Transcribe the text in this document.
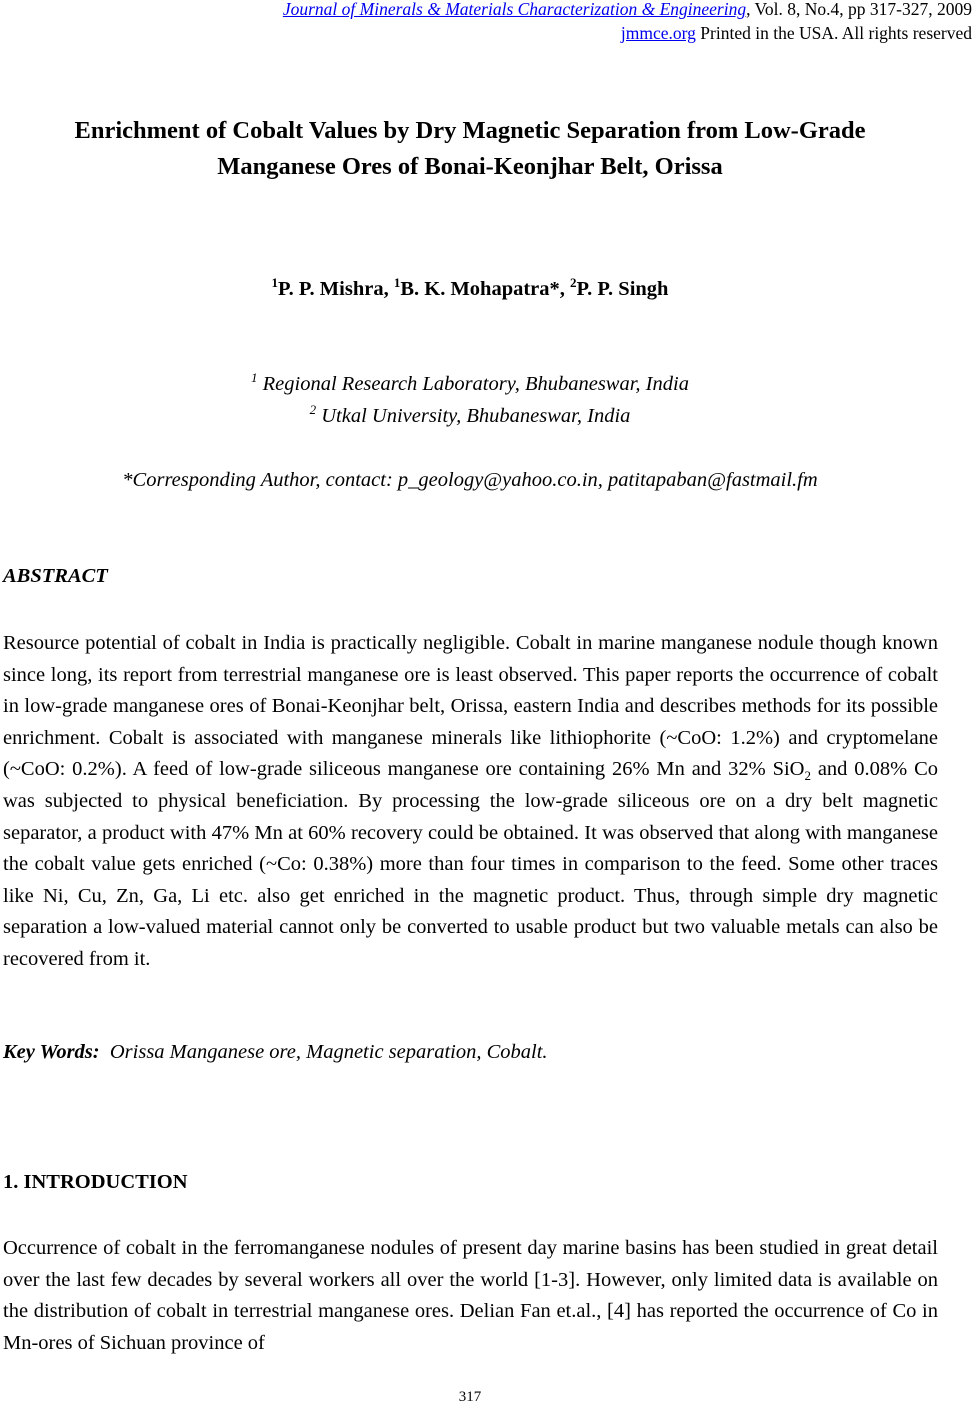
Journal of Minerals & Materials Characterization & Engineering, Vol. 8, No.4, pp 317-327, 2009
jmmce.org Printed in the USA. All rights reserved
Enrichment of Cobalt Values by Dry Magnetic Separation from Low-Grade
Manganese Ores of Bonai-Keonjhar Belt, Orissa
$^1$P. P. Mishra, $^1$B. K. Mohapatra*, $^2$P. P. Singh
$^1$ Regional Research Laboratory, Bhubaneswar, India
$^2$ Utkal University, Bhubaneswar, India
*Corresponding Author, contact: p_geology@yahoo.co.in, patitapaban@fastmail.fm
ABSTRACT
Resource potential of cobalt in India is practically negligible. Cobalt in marine manganese nodule though known since long, its report from terrestrial manganese ore is least observed. This paper reports the occurrence of cobalt in low-grade manganese ores of Bonai-Keonjhar belt, Orissa, eastern India and describes methods for its possible enrichment. Cobalt is associated with manganese minerals like lithiophorite (~CoO: 1.2%) and cryptomelane (~CoO: 0.2%). A feed of low-grade siliceous manganese ore containing 26% Mn and 32% SiO$_2$ and 0.08% Co was subjected to physical beneficiation. By processing the low-grade siliceous ore on a dry belt magnetic separator, a product with 47% Mn at 60% recovery could be obtained. It was observed that along with manganese the cobalt value gets enriched (~Co: 0.38%) more than four times in comparison to the feed. Some other traces like Ni, Cu, Zn, Ga, Li etc. also get enriched in the magnetic product. Thus, through simple dry magnetic separation a low-valued material cannot only be converted to usable product but two valuable metals can also be recovered from it.
Key Words: Orissa Manganese ore, Magnetic separation, Cobalt.
1. INTRODUCTION
Occurrence of cobalt in the ferromanganese nodules of present day marine basins has been studied in great detail over the last few decades by several workers all over the world [1-3]. However, only limited data is available on the distribution of cobalt in terrestrial manganese ores. Delian Fan et.al., [4] has reported the occurrence of Co in Mn-ores of Sichuan province of
317
